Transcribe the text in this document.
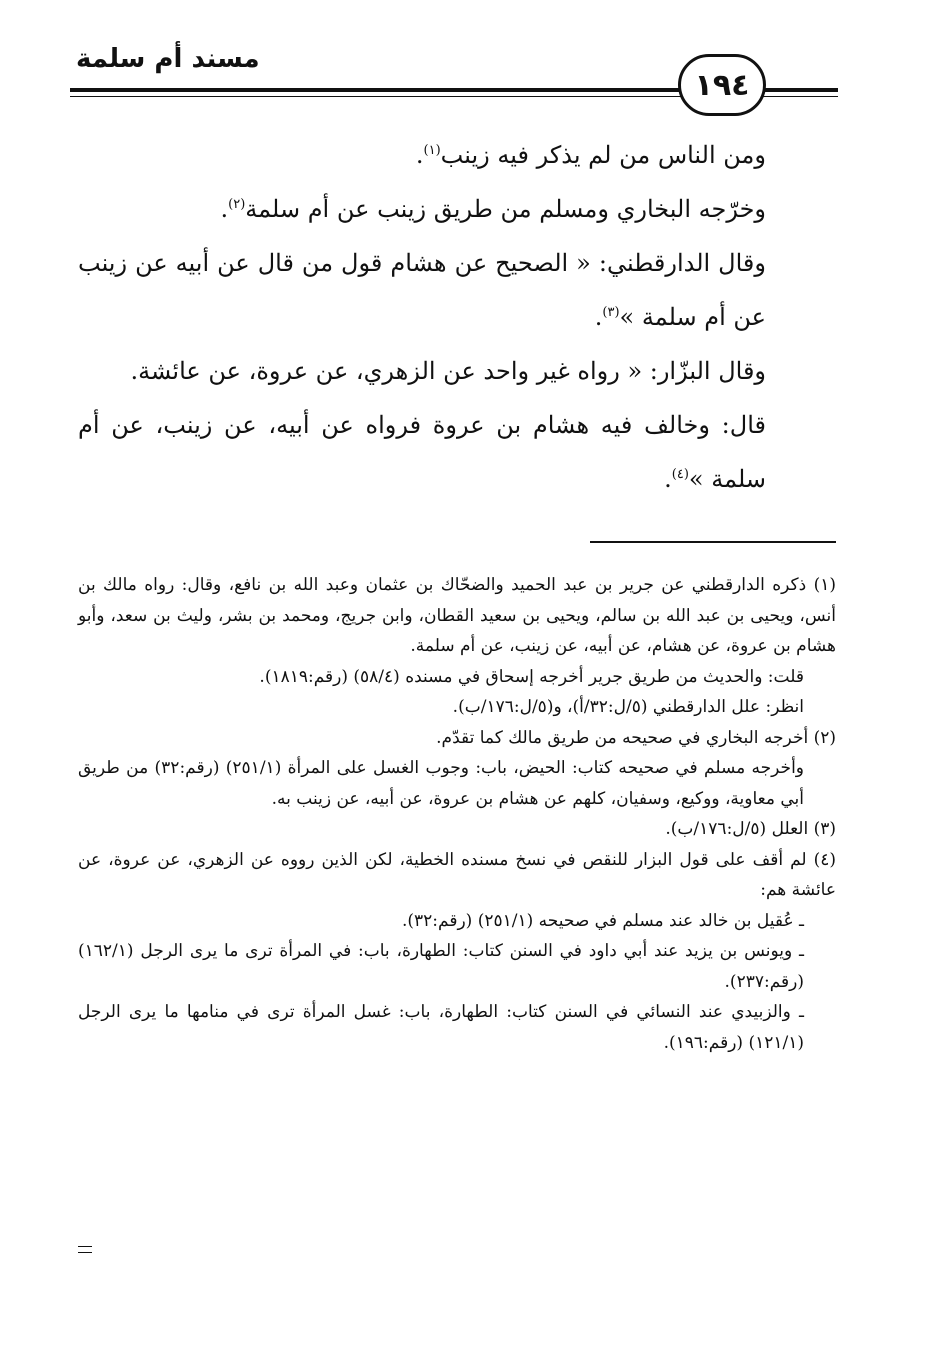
مسند أم سلمة
١٩٤

ومن الناس من لم يذكر فيه زينب$^{(١)}$.

وخرّجه البخاري ومسلم من طريق زينب عن أم سلمة$^{(٢)}$.

وقال الدارقطني: « الصحيح عن هشام قول من قال عن أبيه عن زينب عن أم سلمة »$^{(٣)}$.

وقال البزّار: « رواه غير واحد عن الزهري، عن عروة، عن عائشة.

قال: وخالف فيه هشام بن عروة فرواه عن أبيه، عن زينب، عن أم سلمة »$^{(٤)}$.

(١) ذكره الدارقطني عن جرير بن عبد الحميد والضحّاك بن عثمان وعبد الله بن نافع، وقال: رواه مالك بن أنس، ويحيى بن عبد الله بن سالم، ويحيى بن سعيد القطان، وابن جريج، ومحمد بن بشر، وليث بن سعد، وأبو هشام بن عروة، عن هشام، عن أبيه، عن زينب، عن أم سلمة.

قلت: والحديث من طريق جرير أخرجه إسحاق في مسنده (٥٨/٤) (رقم:١٨١٩).

انظر: علل الدارقطني (٥/ل:٣٢/أ)، و(٥/ل:١٧٦/ب).

(٢) أخرجه البخاري في صحيحه من طريق مالك كما تقدّم.

وأخرجه مسلم في صحيحه كتاب: الحيض، باب: وجوب الغسل على المرأة (٢٥١/١) (رقم:٣٢) من طريق أبي معاوية، ووكيع، وسفيان، كلهم عن هشام بن عروة، عن أبيه، عن زينب به.

(٣) العلل (٥/ل:١٧٦/ب).

(٤) لم أقف على قول البزار للنقص في نسخ مسنده الخطية، لكن الذين رووه عن الزهري، عن عروة، عن عائشة هم:

ـ عُقيل بن خالد عند مسلم في صحيحه (٢٥١/١) (رقم:٣٢).

ـ ويونس بن يزيد عند أبي داود في السنن كتاب: الطهارة، باب: في المرأة ترى ما يرى الرجل (١٦٢/١) (رقم:٢٣٧).

ـ والزبيدي عند النسائي في السنن كتاب: الطهارة، باب: غسل المرأة ترى في منامها ما يرى الرجل (١٢١/١) (رقم:١٩٦).
